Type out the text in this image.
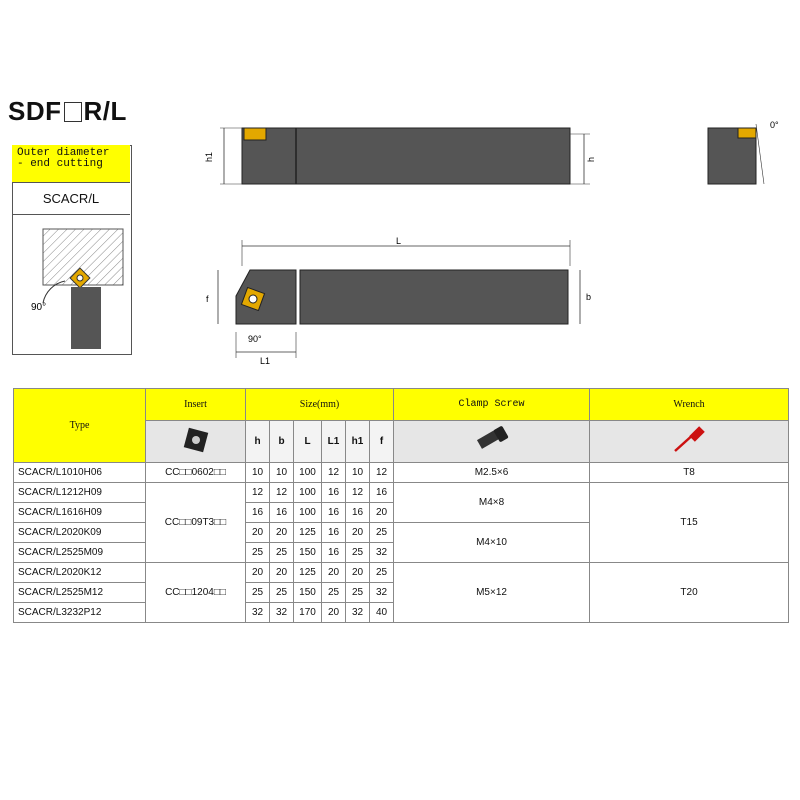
SDF R/L
Outer diameter
- end cutting
SCACR/L
90°
h1	h
0°
L
f	b
L1
90°
Type	Insert	Size(mm)						Clamp Screw	Wrench
	h	b	L	L1	h1	f		
SCACR/L1010H06	CC□□0602□□	10	10	100	12	10	12	M2.5×6	T8
SCACR/L1212H09	CC□□09T3□□	12	12	100	16	12	16	M4×8	T15
SCACR/L1616H09		16	16	100	16	16	20		
SCACR/L2020K09		20	20	125	16	20	25	M4×10	
SCACR/L2525M09		25	25	150	16	25	32		
SCACR/L2020K12	CC□□1204□□	20	20	125	20	20	25	M5×12	T20
SCACR/L2525M12		25	25	150	25	25	32		
SCACR/L3232P12		32	32	170	20	32	40		
